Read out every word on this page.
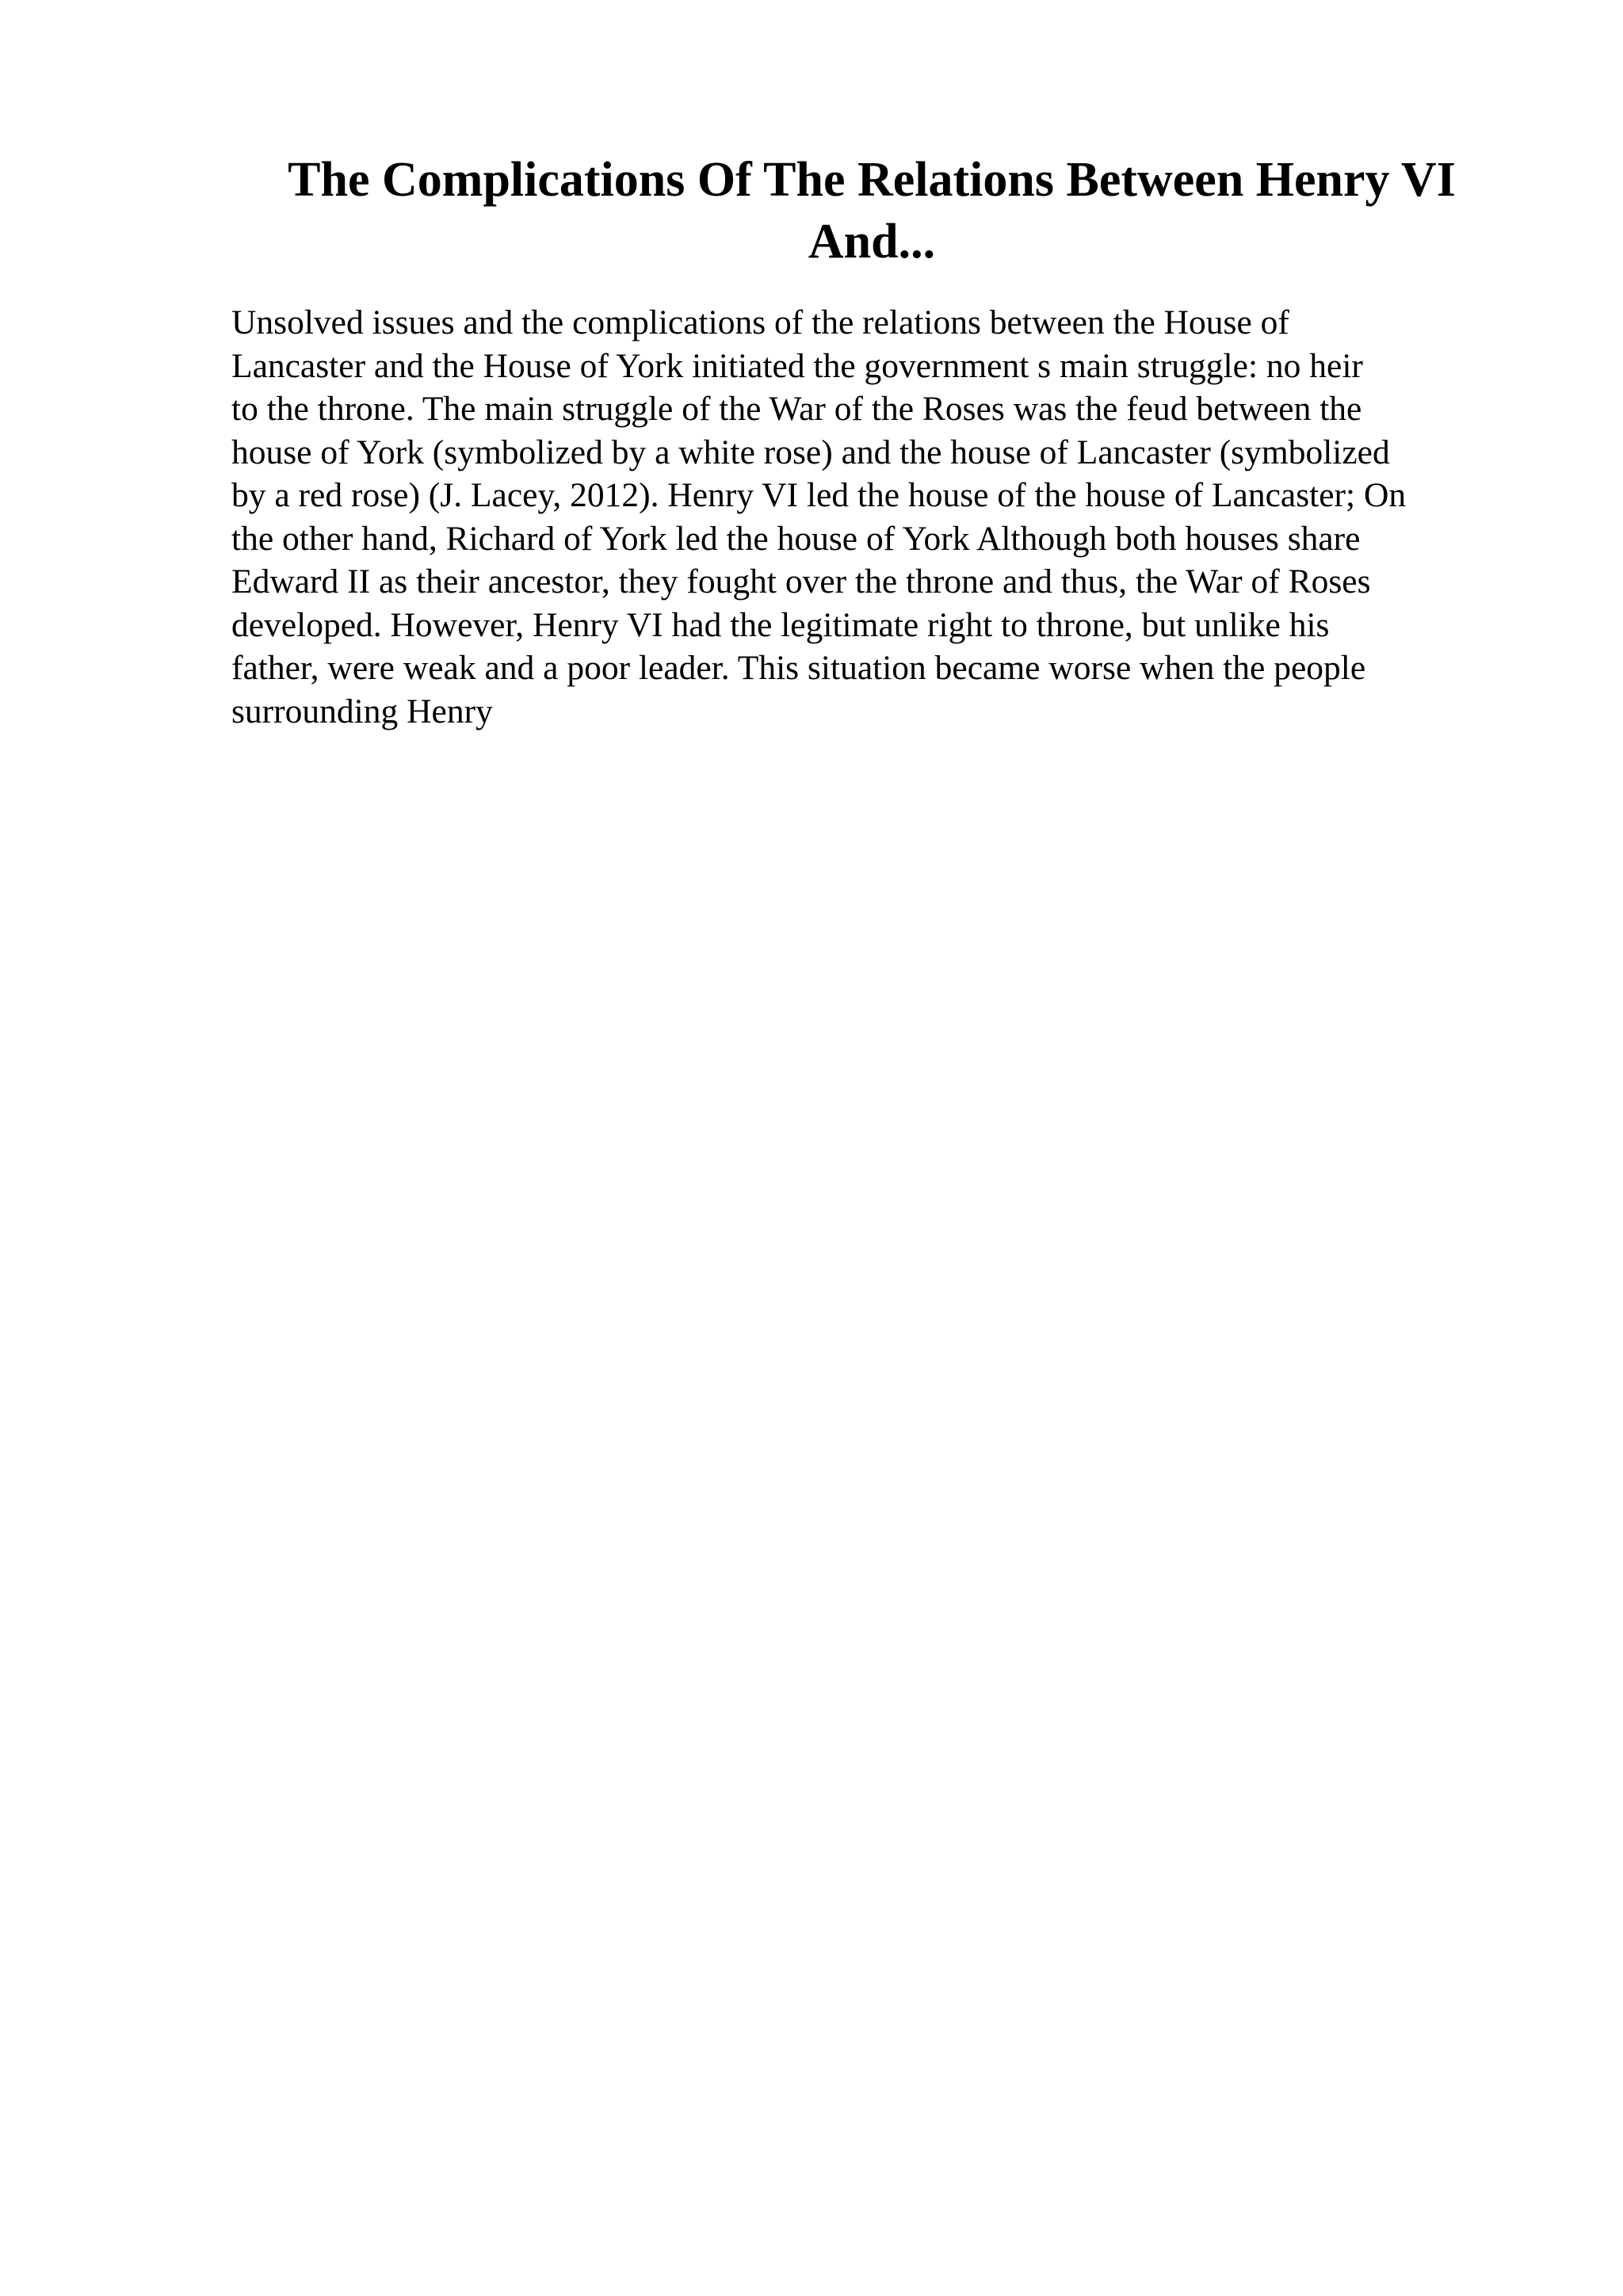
The Complications Of The Relations Between Henry VI
And...

Unsolved issues and the complications of the relations between the House of
Lancaster and the House of York initiated the government s main struggle: no heir
to the throne. The main struggle of the War of the Roses was the feud between the
house of York (symbolized by a white rose) and the house of Lancaster (symbolized
by a red rose) (J. Lacey, 2012). Henry VI led the house of the house of Lancaster; On
the other hand, Richard of York led the house of York Although both houses share
Edward II as their ancestor, they fought over the throne and thus, the War of Roses
developed. However, Henry VI had the legitimate right to throne, but unlike his
father, were weak and a poor leader. This situation became worse when the people
surrounding Henry
